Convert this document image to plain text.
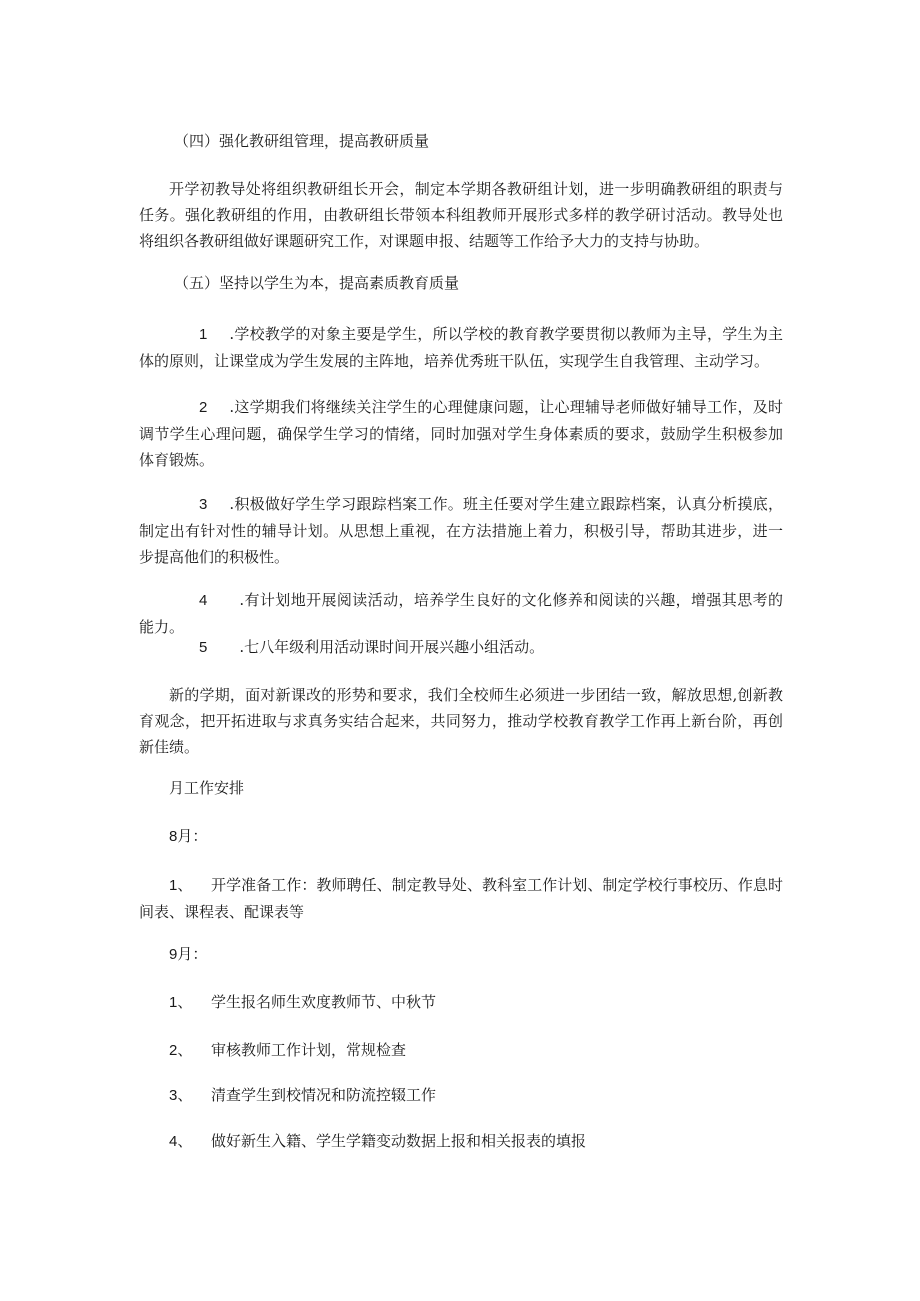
（四）强化教研组管理，提高教研质量

开学初教导处将组织教研组长开会，制定本学期各教研组计划，进一步明确教研组的职责与任务。强化教研组的作用，由教研组长带领本科组教师开展形式多样的教学研讨活动。教导处也将组织各教研组做好课题研究工作，对课题申报、结题等工作给予大力的支持与协助。

（五）坚持以学生为本，提高素质教育质量

1 .学校教学的对象主要是学生，所以学校的教育教学要贯彻以教师为主导，学生为主体的原则，让课堂成为学生发展的主阵地，培养优秀班干队伍，实现学生自我管理、主动学习。

2 .这学期我们将继续关注学生的心理健康问题，让心理辅导老师做好辅导工作，及时调节学生心理问题，确保学生学习的情绪，同时加强对学生身体素质的要求，鼓励学生积极参加体育锻炼。

3 .积极做好学生学习跟踪档案工作。班主任要对学生建立跟踪档案，认真分析摸底，制定出有针对性的辅导计划。从思想上重视，在方法措施上着力，积极引导，帮助其进步，进一步提高他们的积极性。

4 .有计划地开展阅读活动，培养学生良好的文化修养和阅读的兴趣，增强其思考的能力。

5 .七八年级利用活动课时间开展兴趣小组活动。

新的学期，面对新课改的形势和要求，我们全校师生必须进一步团结一致，解放思想,创新教育观念，把开拓进取与求真务实结合起来，共同努力，推动学校教育教学工作再上新台阶，再创新佳绩。

月工作安排
8月：

1、 开学准备工作：教师聘任、制定教导处、教科室工作计划、制定学校行事校历、作息时间表、课程表、配课表等

9月：
1、 学生报名师生欢度教师节、中秋节
2、 审核教师工作计划，常规检查
3、 清查学生到校情况和防流控辍工作
4、 做好新生入籍、学生学籍变动数据上报和相关报表的填报
